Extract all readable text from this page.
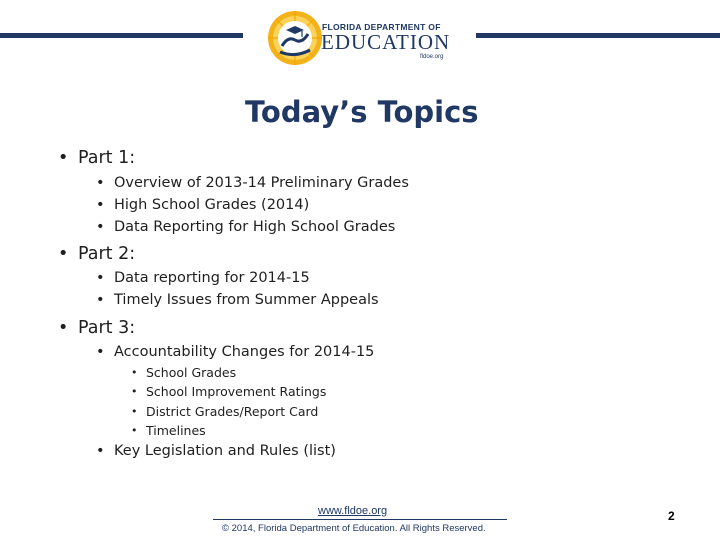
FLORIDA DEPARTMENT OF
EDUCATION
fldoe.org
Today’s Topics
• Part 1:
• Overview of 2013-14 Preliminary Grades
• High School Grades (2014)
• Data Reporting for High School Grades
• Part 2:
• Data reporting for 2014-15
• Timely Issues from Summer Appeals
• Part 3:
• Accountability Changes for 2014-15
• School Grades
• School Improvement Ratings
• District Grades/Report Card
• Timelines
• Key Legislation and Rules (list)
www.fldoe.org
© 2014, Florida Department of Education. All Rights Reserved.
2
